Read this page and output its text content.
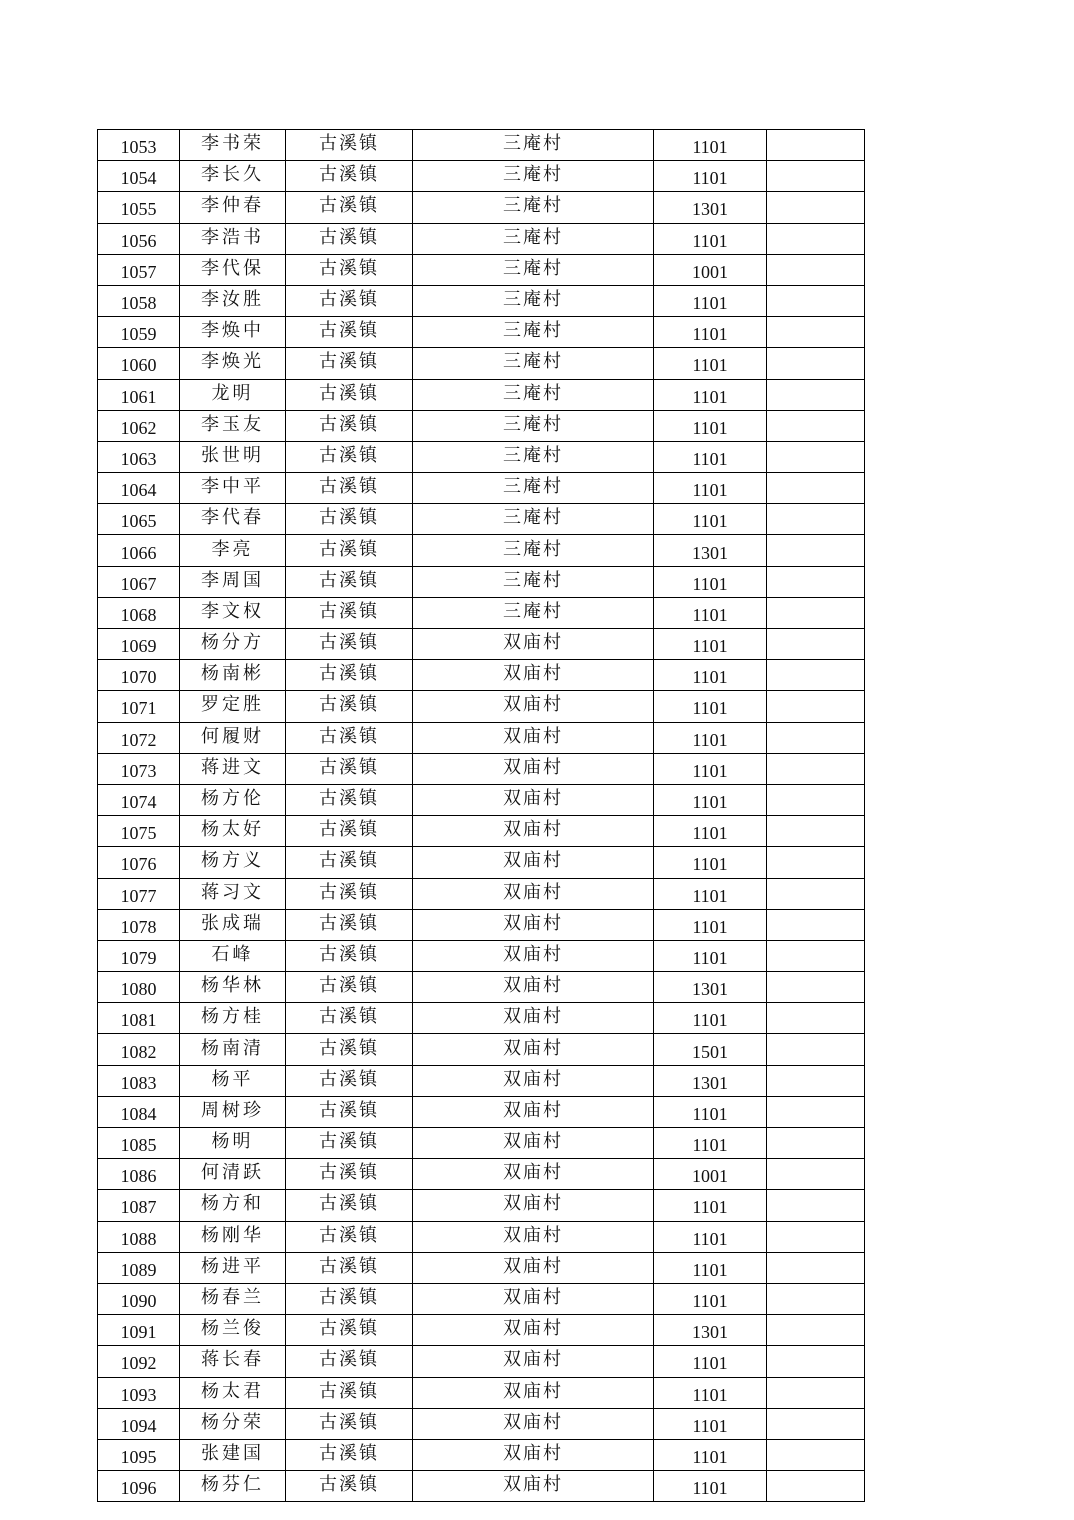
1053	李书荣	古溪镇	三庵村	1101	
1054	李长久	古溪镇	三庵村	1101	
1055	李仲春	古溪镇	三庵村	1301	
1056	李浩书	古溪镇	三庵村	1101	
1057	李代保	古溪镇	三庵村	1001	
1058	李汝胜	古溪镇	三庵村	1101	
1059	李焕中	古溪镇	三庵村	1101	
1060	李焕光	古溪镇	三庵村	1101	
1061	龙明	古溪镇	三庵村	1101	
1062	李玉友	古溪镇	三庵村	1101	
1063	张世明	古溪镇	三庵村	1101	
1064	李中平	古溪镇	三庵村	1101	
1065	李代春	古溪镇	三庵村	1101	
1066	李亮	古溪镇	三庵村	1301	
1067	李周国	古溪镇	三庵村	1101	
1068	李文权	古溪镇	三庵村	1101	
1069	杨分方	古溪镇	双庙村	1101	
1070	杨南彬	古溪镇	双庙村	1101	
1071	罗定胜	古溪镇	双庙村	1101	
1072	何履财	古溪镇	双庙村	1101	
1073	蒋进文	古溪镇	双庙村	1101	
1074	杨方伦	古溪镇	双庙村	1101	
1075	杨太好	古溪镇	双庙村	1101	
1076	杨方义	古溪镇	双庙村	1101	
1077	蒋习文	古溪镇	双庙村	1101	
1078	张成瑞	古溪镇	双庙村	1101	
1079	石峰	古溪镇	双庙村	1101	
1080	杨华林	古溪镇	双庙村	1301	
1081	杨方桂	古溪镇	双庙村	1101	
1082	杨南清	古溪镇	双庙村	1501	
1083	杨平	古溪镇	双庙村	1301	
1084	周树珍	古溪镇	双庙村	1101	
1085	杨明	古溪镇	双庙村	1101	
1086	何清跃	古溪镇	双庙村	1001	
1087	杨方和	古溪镇	双庙村	1101	
1088	杨刚华	古溪镇	双庙村	1101	
1089	杨进平	古溪镇	双庙村	1101	
1090	杨春兰	古溪镇	双庙村	1101	
1091	杨兰俊	古溪镇	双庙村	1301	
1092	蒋长春	古溪镇	双庙村	1101	
1093	杨太君	古溪镇	双庙村	1101	
1094	杨分荣	古溪镇	双庙村	1101	
1095	张建国	古溪镇	双庙村	1101	
1096	杨芬仁	古溪镇	双庙村	1101	
